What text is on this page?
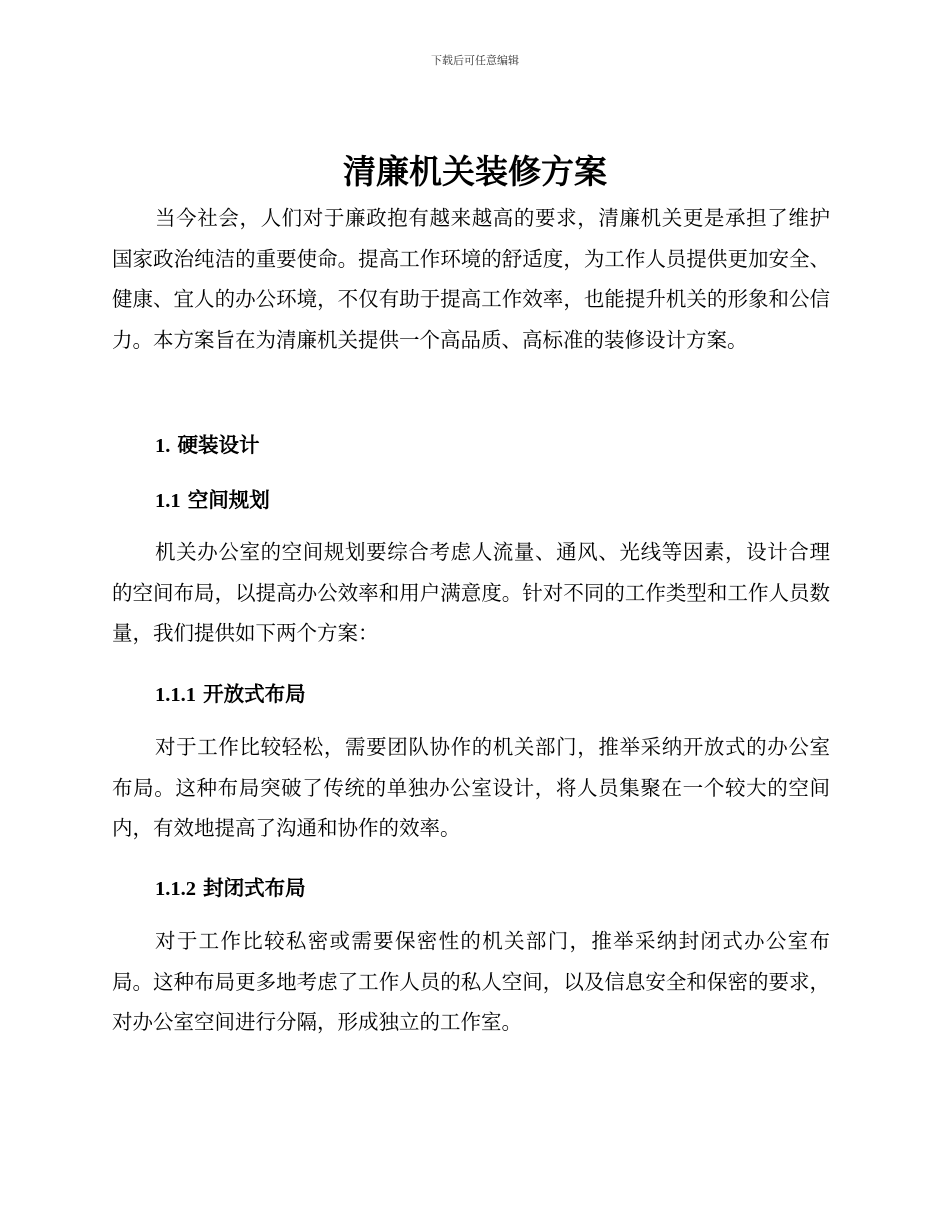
下载后可任意编辑
清廉机关装修方案

当今社会，人们对于廉政抱有越来越高的要求，清廉机关更是承担了维护国家政治纯洁的重要使命。提高工作环境的舒适度，为工作人员提供更加安全、健康、宜人的办公环境，不仅有助于提高工作效率，也能提升机关的形象和公信力。本方案旨在为清廉机关提供一个高品质、高标准的装修设计方案。

1. 硬装设计
1.1 空间规划

机关办公室的空间规划要综合考虑人流量、通风、光线等因素，设计合理的空间布局，以提高办公效率和用户满意度。针对不同的工作类型和工作人员数量，我们提供如下两个方案：

1.1.1 开放式布局

对于工作比较轻松，需要团队协作的机关部门，推举采纳开放式的办公室布局。这种布局突破了传统的单独办公室设计，将人员集聚在一个较大的空间内，有效地提高了沟通和协作的效率。

1.1.2 封闭式布局

对于工作比较私密或需要保密性的机关部门，推举采纳封闭式办公室布局。这种布局更多地考虑了工作人员的私人空间，以及信息安全和保密的要求，对办公室空间进行分隔，形成独立的工作室。
